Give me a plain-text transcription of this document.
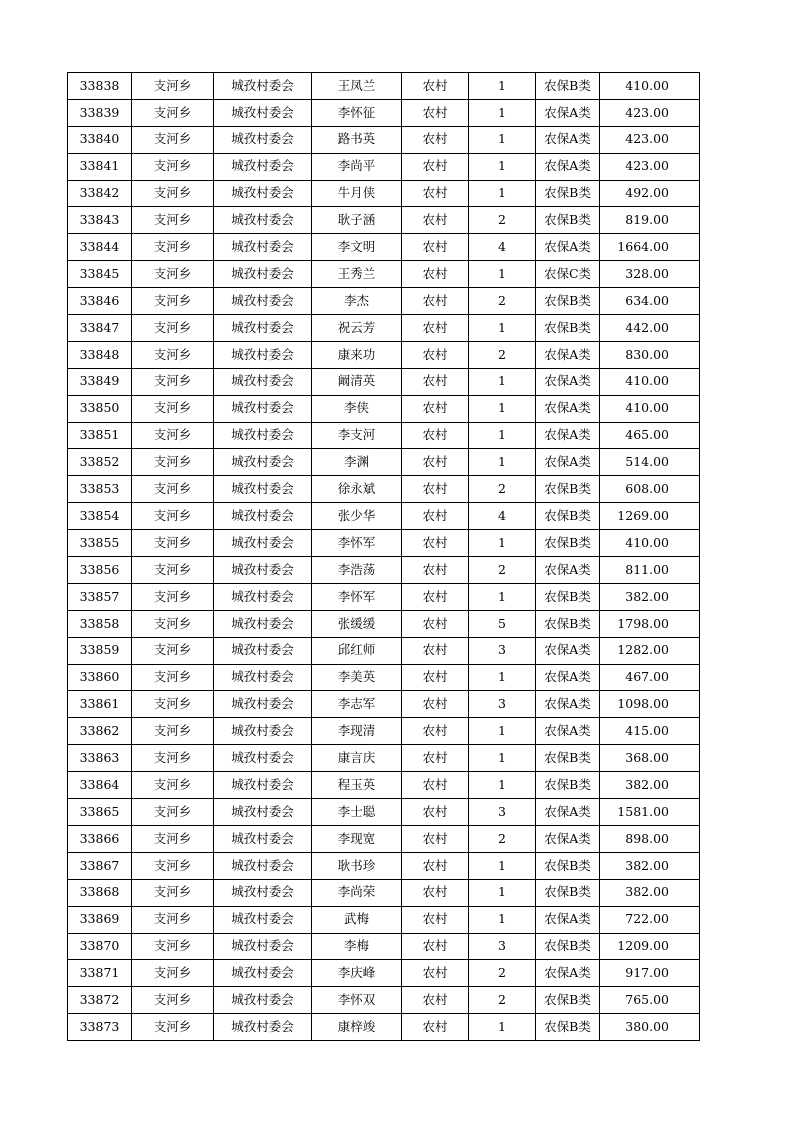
33838	支河乡	城孜村委会	王凤兰	农村	1	农保B类	410.00
33839	支河乡	城孜村委会	李怀征	农村	1	农保A类	423.00
33840	支河乡	城孜村委会	路书英	农村	1	农保A类	423.00
33841	支河乡	城孜村委会	李尚平	农村	1	农保A类	423.00
33842	支河乡	城孜村委会	牛月侠	农村	1	农保B类	492.00
33843	支河乡	城孜村委会	耿子涵	农村	2	农保B类	819.00
33844	支河乡	城孜村委会	李文明	农村	4	农保A类	1664.00
33845	支河乡	城孜村委会	王秀兰	农村	1	农保C类	328.00
33846	支河乡	城孜村委会	李杰	农村	2	农保B类	634.00
33847	支河乡	城孜村委会	祝云芳	农村	1	农保B类	442.00
33848	支河乡	城孜村委会	康来功	农村	2	农保A类	830.00
33849	支河乡	城孜村委会	阚清英	农村	1	农保A类	410.00
33850	支河乡	城孜村委会	李侠	农村	1	农保A类	410.00
33851	支河乡	城孜村委会	李支河	农村	1	农保A类	465.00
33852	支河乡	城孜村委会	李渊	农村	1	农保A类	514.00
33853	支河乡	城孜村委会	徐永斌	农村	2	农保B类	608.00
33854	支河乡	城孜村委会	张少华	农村	4	农保B类	1269.00
33855	支河乡	城孜村委会	李怀军	农村	1	农保B类	410.00
33856	支河乡	城孜村委会	李浩荡	农村	2	农保A类	811.00
33857	支河乡	城孜村委会	李怀军	农村	1	农保B类	382.00
33858	支河乡	城孜村委会	张缓缓	农村	5	农保B类	1798.00
33859	支河乡	城孜村委会	邱红师	农村	3	农保A类	1282.00
33860	支河乡	城孜村委会	李美英	农村	1	农保A类	467.00
33861	支河乡	城孜村委会	李志军	农村	3	农保A类	1098.00
33862	支河乡	城孜村委会	李现清	农村	1	农保A类	415.00
33863	支河乡	城孜村委会	康言庆	农村	1	农保B类	368.00
33864	支河乡	城孜村委会	程玉英	农村	1	农保B类	382.00
33865	支河乡	城孜村委会	李士聪	农村	3	农保A类	1581.00
33866	支河乡	城孜村委会	李现宽	农村	2	农保A类	898.00
33867	支河乡	城孜村委会	耿书珍	农村	1	农保B类	382.00
33868	支河乡	城孜村委会	李尚荣	农村	1	农保B类	382.00
33869	支河乡	城孜村委会	武梅	农村	1	农保A类	722.00
33870	支河乡	城孜村委会	李梅	农村	3	农保B类	1209.00
33871	支河乡	城孜村委会	李庆峰	农村	2	农保A类	917.00
33872	支河乡	城孜村委会	李怀双	农村	2	农保B类	765.00
33873	支河乡	城孜村委会	康梓竣	农村	1	农保B类	380.00
